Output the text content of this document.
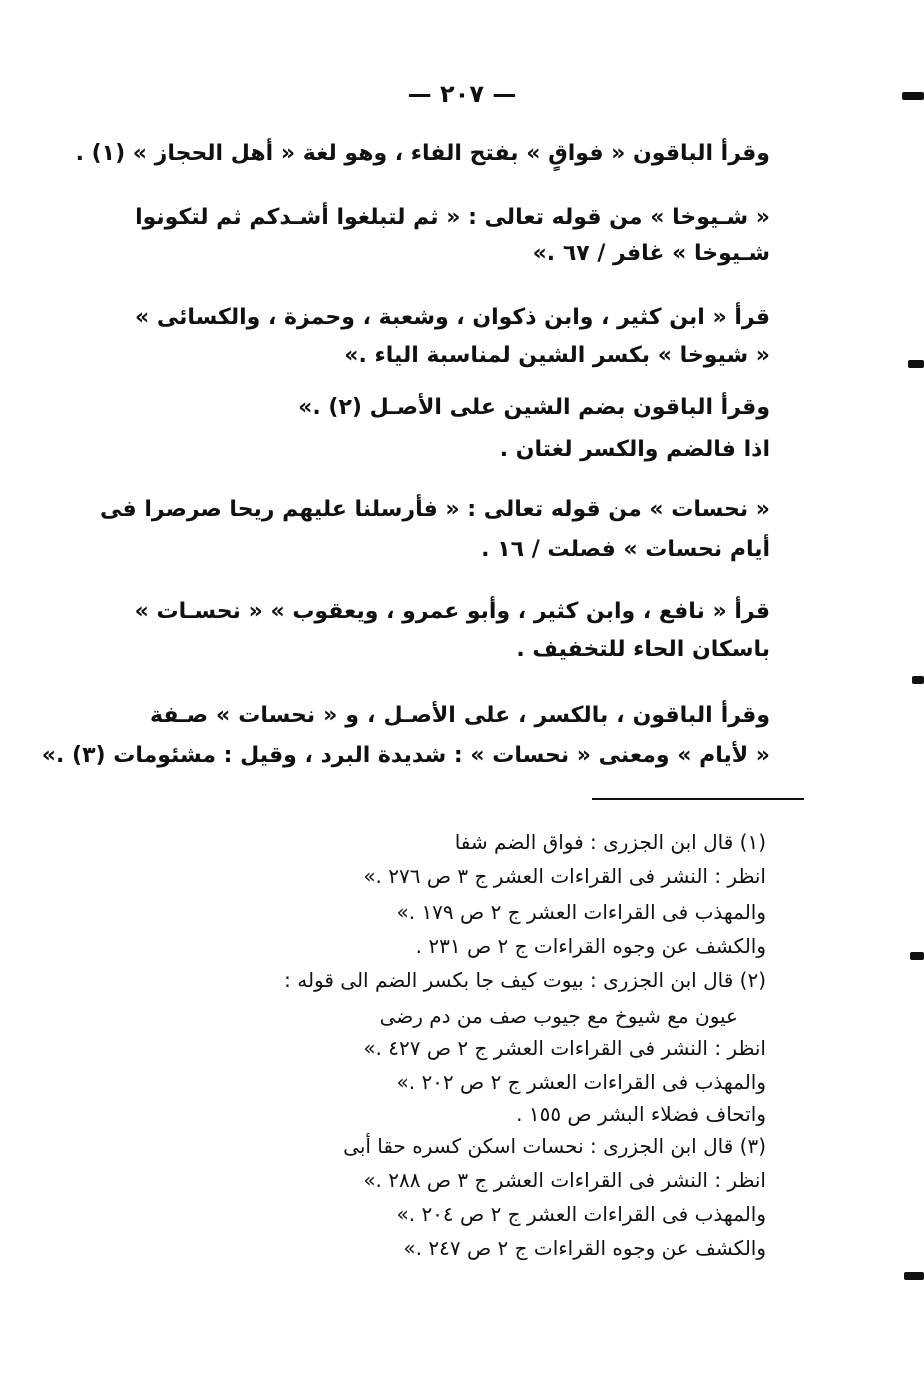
— ٢٠٧ —
وقرأ الباقون « فواقٍ » بفتح الفاء ، وهو لغة « أهل الحجاز » (١) .
« شـيوخا » من قوله تعالى : « ثم لتبلغوا أشـدكم ثم لتكونوا
شـيوخا » غافر / ٦٧ .»
قرأ « ابن كثير ، وابن ذكوان ، وشعبة ، وحمزة ، والكسائى »
« شيوخا » بكسر الشين لمناسبة الياء .»
وقرأ الباقون بضم الشين على الأصـل (٢) .»
اذا فالضم والكسر لغتان .
« نحسات » من قوله تعالى : « فأرسلنا عليهم ريحا صرصرا فى
أيام نحسات » فصلت / ١٦ .
قرأ « نافع ، وابن كثير ، وأبو عمرو ، ويعقوب » « نحسـات »
باسكان الحاء للتخفيف .
وقرأ الباقون ، بالكسر ، على الأصـل ، و « نحسات » صـفة
« لأيام » ومعنى « نحسات » : شديدة البرد ، وقيل : مشئومات (٣) .»
(١) قال ابن الجزرى : فواق الضم شفا
انظر : النشر فى القراءات العشر ج ٣ ص ٢٧٦ .»
والمهذب فى القراءات العشر ج ٢ ص ١٧٩ .»
والكشف عن وجوه القراءات ج ٢ ص ٢٣١ .
(٢) قال ابن الجزرى : بيوت كيف جا بكسر الضم الى قوله :
عيون مع شيوخ مع جيوب صف من دم رضى
انظر : النشر فى القراءات العشر ج ٢ ص ٤٢٧ .»
والمهذب فى القراءات العشر ج ٢ ص ٢٠٢ .»
واتحاف فضلاء البشر ص ١٥٥ .
(٣) قال ابن الجزرى : نحسات اسكن كسره حقا أبى
انظر : النشر فى القراءات العشر ج ٣ ص ٢٨٨ .»
والمهذب فى القراءات العشر ج ٢ ص ٢٠٤ .»
والكشف عن وجوه القراءات ج ٢ ص ٢٤٧ .»
